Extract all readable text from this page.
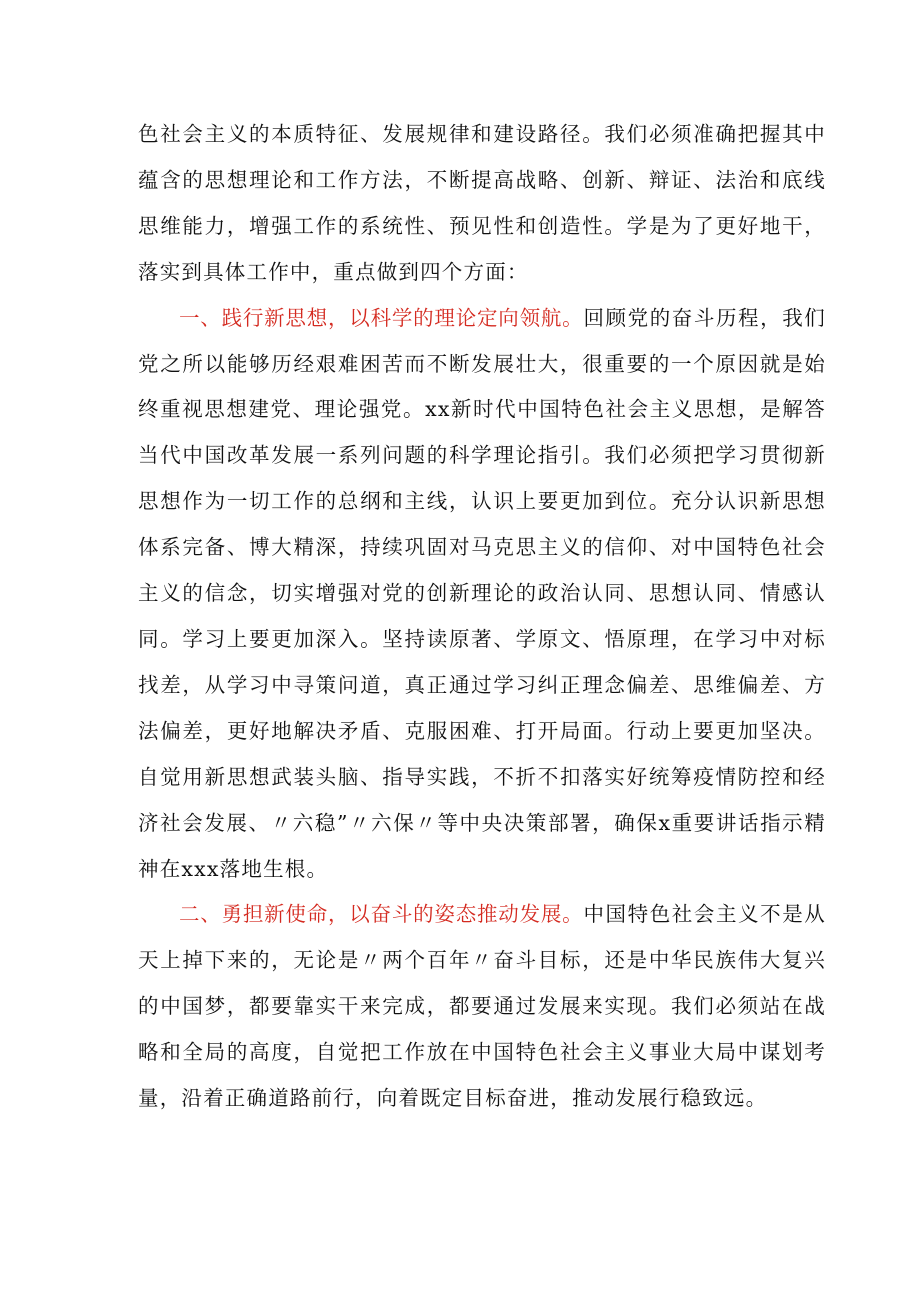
色社会主义的本质特征、发展规律和建设路径。我们必须准确把握其中蕴含的思想理论和工作方法，不断提高战略、创新、辩证、法治和底线思维能力，增强工作的系统性、预见性和创造性。学是为了更好地干，落实到具体工作中，重点做到四个方面：

一、践行新思想，以科学的理论定向领航。回顾党的奋斗历程，我们党之所以能够历经艰难困苦而不断发展壮大，很重要的一个原因就是始终重视思想建党、理论强党。xx新时代中国特色社会主义思想，是解答当代中国改革发展一系列问题的科学理论指引。我们必须把学习贯彻新思想作为一切工作的总纲和主线，认识上要更加到位。充分认识新思想体系完备、博大精深，持续巩固对马克思主义的信仰、对中国特色社会主义的信念，切实增强对党的创新理论的政治认同、思想认同、情感认同。学习上要更加深入。坚持读原著、学原文、悟原理，在学习中对标找差，从学习中寻策问道，真正通过学习纠正理念偏差、思维偏差、方法偏差，更好地解决矛盾、克服困难、打开局面。行动上要更加坚决。自觉用新思想武装头脑、指导实践，不折不扣落实好统筹疫情防控和经济社会发展、〃六稳”〃六保〃等中央决策部署，确保x重要讲话指示精神在xxx落地生根。

二、勇担新使命，以奋斗的姿态推动发展。中国特色社会主义不是从天上掉下来的，无论是〃两个百年〃奋斗目标，还是中华民族伟大复兴的中国梦，都要靠实干来完成，都要通过发展来实现。我们必须站在战略和全局的高度，自觉把工作放在中国特色社会主义事业大局中谋划考量，沿着正确道路前行，向着既定目标奋进，推动发展行稳致远。
